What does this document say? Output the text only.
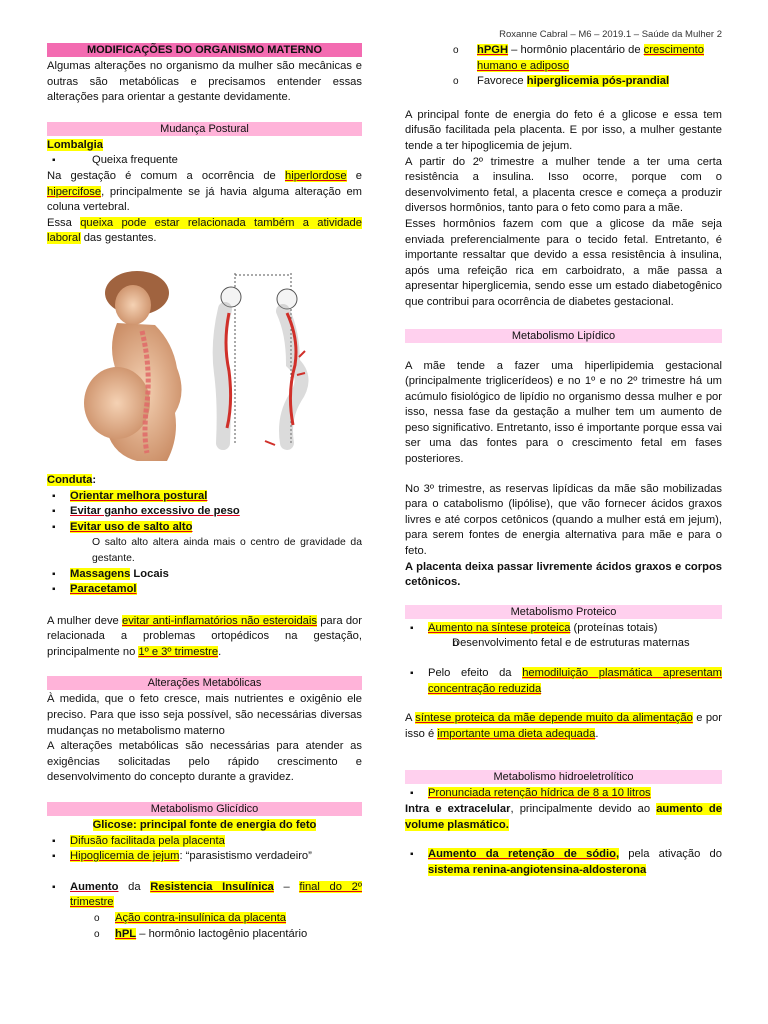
Roxanne Cabral – M6 – 2019.1 – Saúde da Mulher 2
MODIFICAÇÕES DO ORGANISMO MATERNO

Algumas alterações no organismo da mulher são mecânicas e outras são metabólicas e precisamos entender essas alterações para orientar a gestante devidamente.

Mudança Postural
Lombalgia
▪ Queixa frequente

Na gestação é comum a ocorrência de hiperlordose e hipercifose, principalmente se já havia alguma alteração em coluna vertebral.

Essa queixa pode estar relacionada também a atividade laboral das gestantes.

Conduta:
▪ Orientar melhora postural
▪ Evitar ganho excessivo de peso
▪ Evitar uso de salto alto
O salto alto altera ainda mais o centro de gravidade da gestante.
▪ Massagens Locais
▪ Paracetamol

A mulher deve evitar anti-inflamatórios não esteroidais para dor relacionada a problemas ortopédicos na gestação, principalmente no 1º e 3º trimestre.

Alterações Metabólicas

À medida, que o feto cresce, mais nutrientes e oxigênio ele preciso. Para que isso seja possível, são necessárias diversas mudanças no metabolismo materno

A alterações metabólicas são necessárias para atender as exigências solicitadas pelo rápido crescimento e desenvolvimento do concepto durante a gravidez.

Metabolismo Glicídico
Glicose: principal fonte de energia do feto
▪ Difusão facilitada pela placenta
▪ Hipoglicemia de jejum: “parasistismo verdadeiro”
▪ Aumento da Resistencia Insulínica – final do 2º trimestre
o Ação contra-insulínica da placenta
o hPL – hormônio lactogênio placentário
o hPGH – hormônio placentário de crescimento humano e adiposo
o Favorece hiperglicemia pós-prandial

A principal fonte de energia do feto é a glicose e essa tem difusão facilitada pela placenta. E por isso, a mulher gestante tende a ter hipoglicemia de jejum.

A partir do 2º trimestre a mulher tende a ter uma certa resistência a insulina. Isso ocorre, porque com o desenvolvimento fetal, a placenta cresce e começa a produzir diversos hormônios, tanto para o feto como para a mãe.

Esses hormônios fazem com que a glicose da mãe seja enviada preferencialmente para o tecido fetal. Entretanto, é importante ressaltar que devido a essa resistência à insulina, após uma refeição rica em carboidrato, a mãe passa a apresentar hiperglicemia, sendo esse um estado diabetogênico que contribui para ocorrência de diabetes gestacional.

Metabolismo Lipídico

A mãe tende a fazer uma hiperlipidemia gestacional (principalmente triglicerídeos) e no 1º e no 2º trimestre há um acúmulo fisiológico de lipídio no organismo dessa mulher e por isso, nessa fase da gestação a mulher tem um aumento de peso significativo. Entretanto, isso é importante porque essa vai ser uma das fontes para o crescimento fetal em fases posteriores.

No 3º trimestre, as reservas lipídicas da mãe são mobilizadas para o catabolismo (lipólise), que vão fornecer ácidos graxos livres e até corpos cetônicos (quando a mulher está em jejum), para serem fontes de energia alternativa para mãe e para o feto.

A placenta deixa passar livremente ácidos graxos e corpos cetônicos.

Metabolismo Proteico
▪ Aumento na síntese proteica (proteínas totais)
o Desenvolvimento fetal e de estruturas maternas
▪ Pelo efeito da hemodiluição plasmática apresentam concentração reduzida

A síntese proteica da mãe depende muito da alimentação e por isso é importante uma dieta adequada.

Metabolismo hidroeletrolítico
▪ Pronunciada retenção hídrica de 8 a 10 litros

Intra e extracelular, principalmente devido ao aumento de volume plasmático.

▪ Aumento da retenção de sódio, pela ativação do sistema renina-angiotensina-aldosterona
